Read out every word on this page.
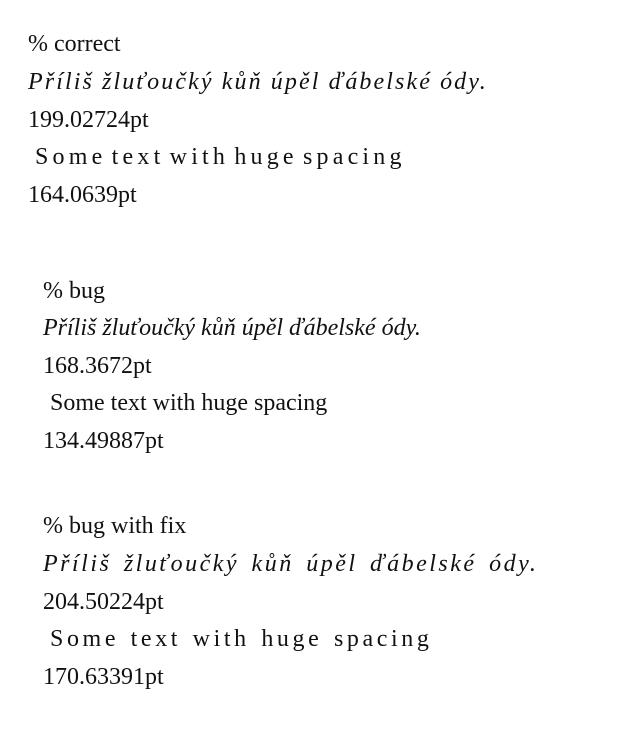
% correct
Příliš žluťoučký kůň úpěl ďábelské ódy.
199.02724pt
Some text with huge spacing
164.0639pt
% bug
Příliš žluťoučký kůň úpěl ďábelské ódy.
168.3672pt
Some text with huge spacing
134.49887pt
% bug with fix
Příliš žluťoučký kůň úpěl ďábelské ódy.
204.50224pt
Some text with huge spacing
170.63391pt
